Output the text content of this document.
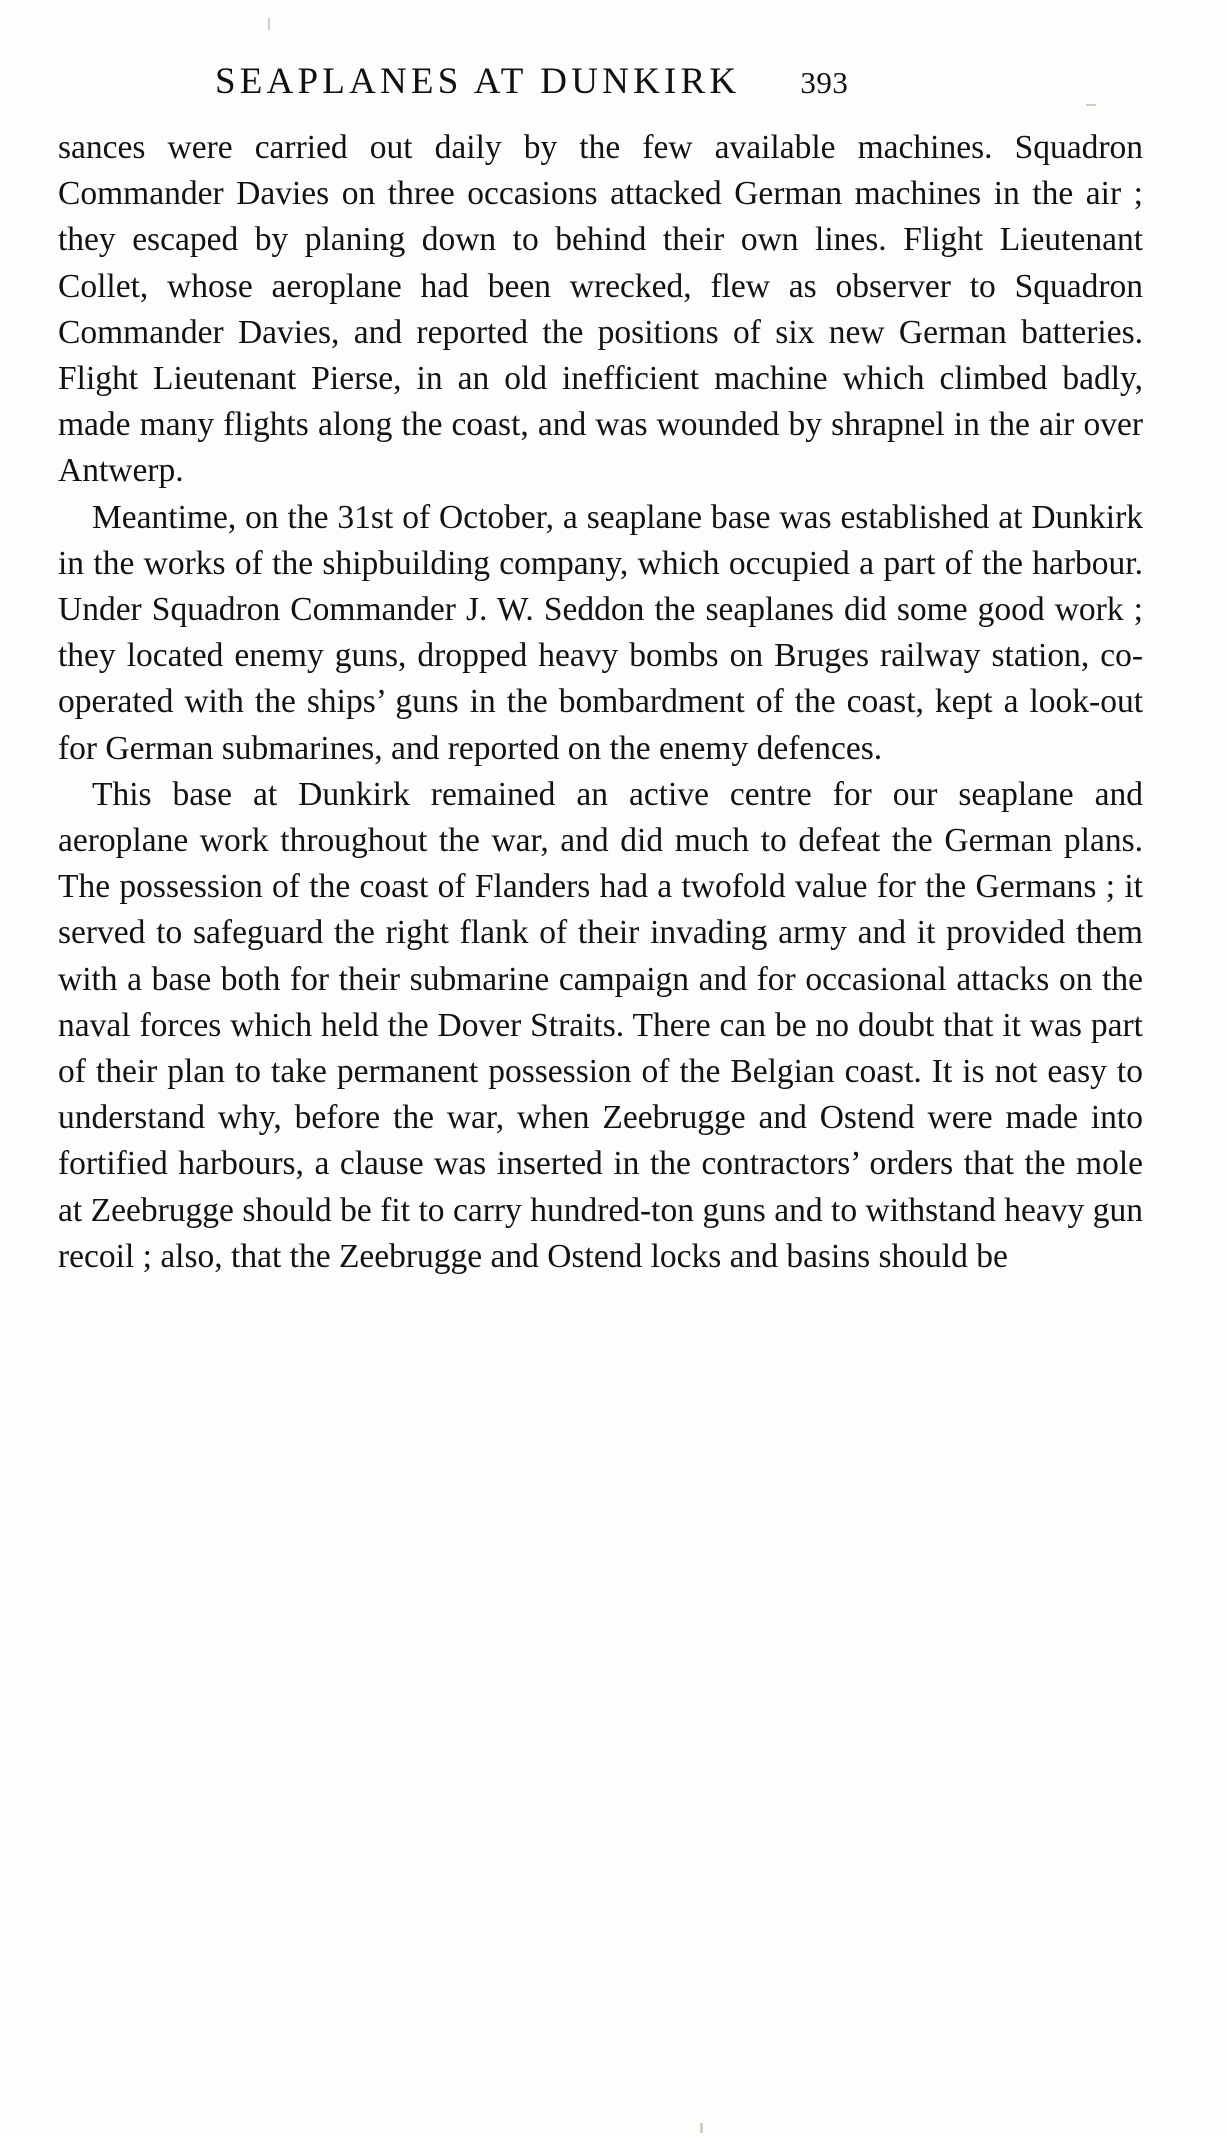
SEAPLANES AT DUNKIRK 393

sances were carried out daily by the few available machines. Squadron Commander Davies on three occasions attacked German machines in the air ; they escaped by planing down to behind their own lines. Flight Lieutenant Collet, whose aeroplane had been wrecked, flew as observer to Squadron Commander Davies, and reported the positions of six new German batteries. Flight Lieutenant Pierse, in an old inefficient machine which climbed badly, made many flights along the coast, and was wounded by shrapnel in the air over Antwerp.

Meantime, on the 31st of October, a seaplane base was established at Dunkirk in the works of the shipbuilding company, which occupied a part of the harbour. Under Squadron Commander J. W. Seddon the seaplanes did some good work ; they located enemy guns, dropped heavy bombs on Bruges railway station, co-operated with the ships’ guns in the bombardment of the coast, kept a look-out for German submarines, and reported on the enemy defences.

This base at Dunkirk remained an active centre for our seaplane and aeroplane work throughout the war, and did much to defeat the German plans. The possession of the coast of Flanders had a twofold value for the Germans ; it served to safeguard the right flank of their invading army and it provided them with a base both for their submarine campaign and for occasional attacks on the naval forces which held the Dover Straits. There can be no doubt that it was part of their plan to take permanent possession of the Belgian coast. It is not easy to understand why, before the war, when Zeebrugge and Ostend were made into fortified harbours, a clause was inserted in the contractors’ orders that the mole at Zeebrugge should be fit to carry hundred-ton guns and to withstand heavy gun recoil ; also, that the Zeebrugge and Ostend locks and basins should be
